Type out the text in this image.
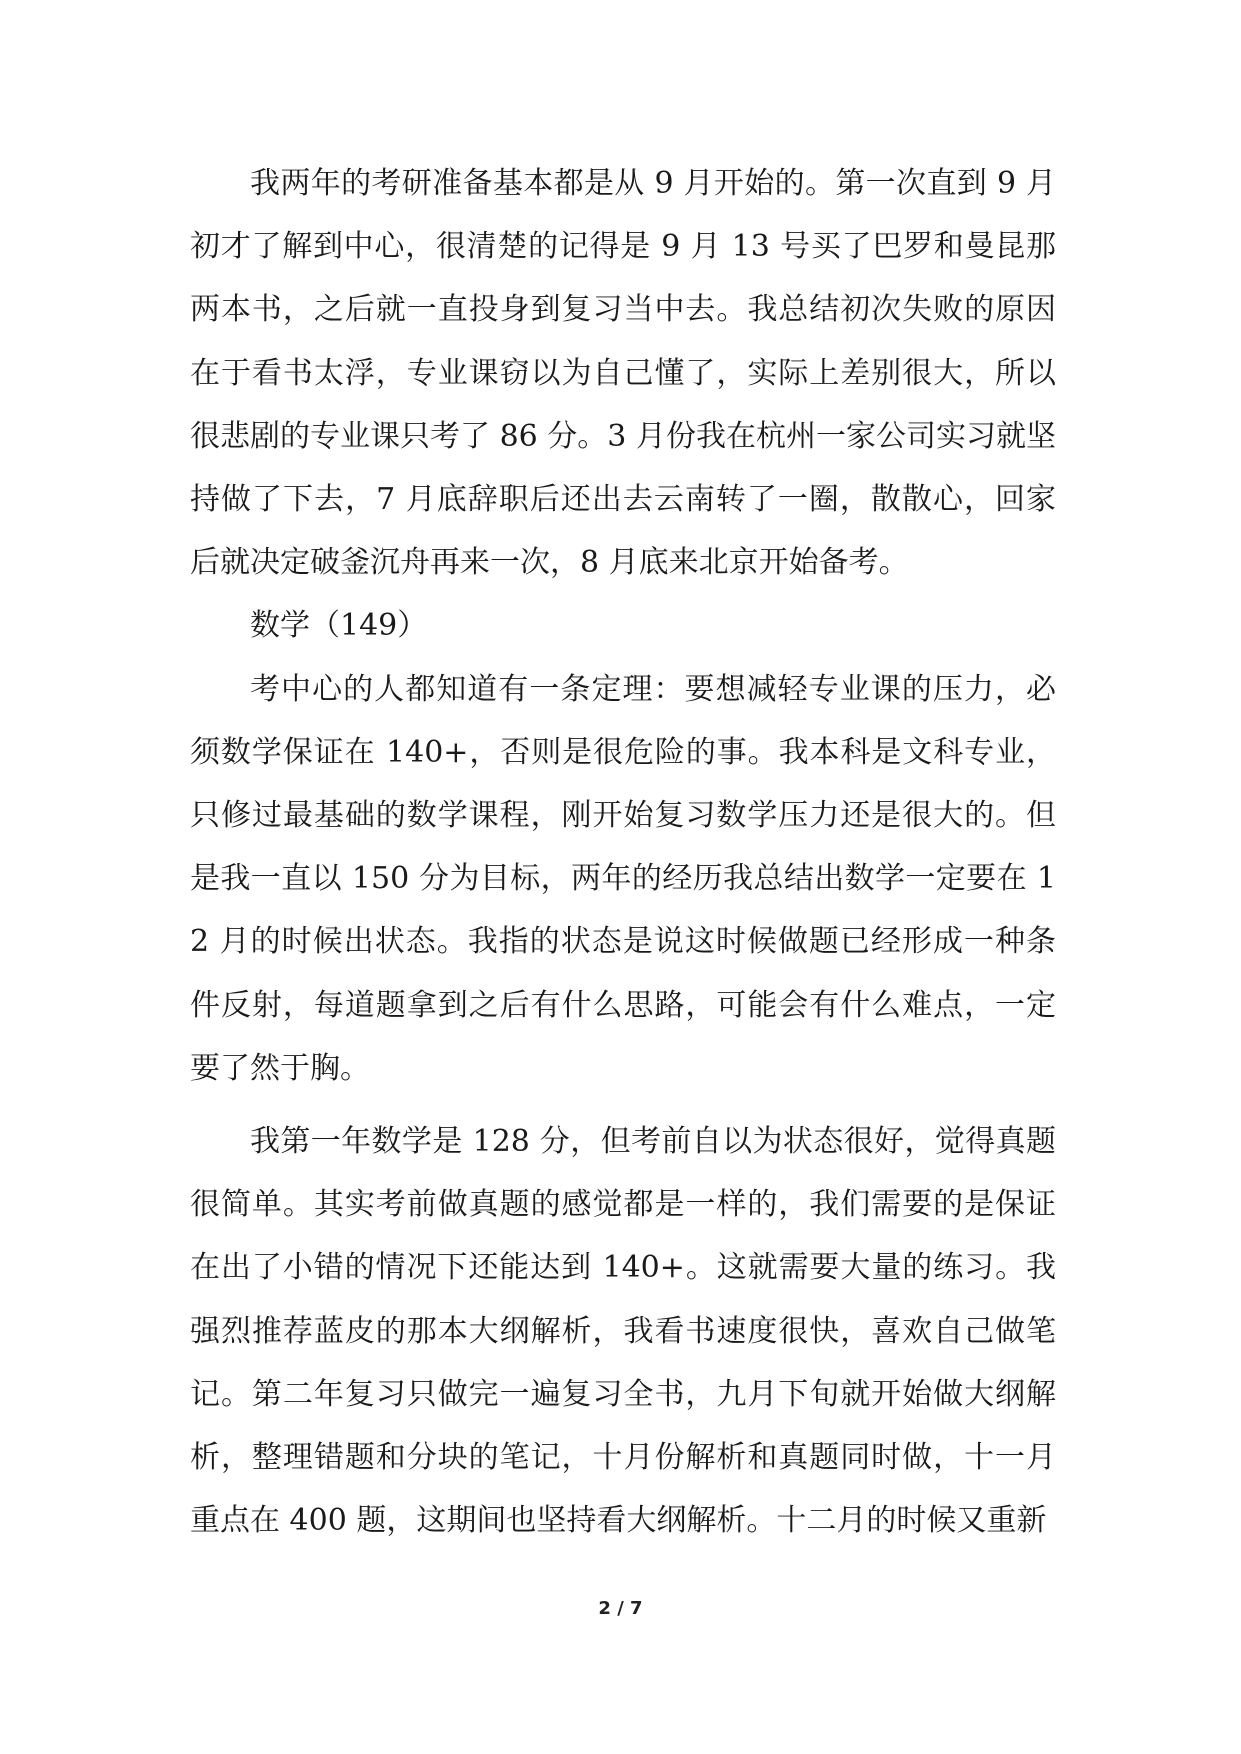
我两年的考研准备基本都是从 9 月开始的。第一次直到 9 月初才了解到中心，很清楚的记得是 9 月 13 号买了巴罗和曼昆那两本书，之后就一直投身到复习当中去。我总结初次失败的原因在于看书太浮，专业课窃以为自己懂了，实际上差别很大，所以很悲剧的专业课只考了 86 分。3 月份我在杭州一家公司实习就坚持做了下去，7 月底辞职后还出去云南转了一圈，散散心，回家后就决定破釜沉舟再来一次，8 月底来北京开始备考。

数学（149）

考中心的人都知道有一条定理：要想减轻专业课的压力，必须数学保证在 140+，否则是很危险的事。我本科是文科专业，只修过最基础的数学课程，刚开始复习数学压力还是很大的。但是我一直以 150 分为目标，两年的经历我总结出数学一定要在 12 月的时候出状态。我指的状态是说这时候做题已经形成一种条件反射，每道题拿到之后有什么思路，可能会有什么难点，一定要了然于胸。

我第一年数学是 128 分，但考前自以为状态很好，觉得真题很简单。其实考前做真题的感觉都是一样的，我们需要的是保证在出了小错的情况下还能达到 140+。这就需要大量的练习。我强烈推荐蓝皮的那本大纲解析，我看书速度很快，喜欢自己做笔记。第二年复习只做完一遍复习全书，九月下旬就开始做大纲解析，整理错题和分块的笔记，十月份解析和真题同时做，十一月重点在 400 题，这期间也坚持看大纲解析。十二月的时候又重新

2 / 7
